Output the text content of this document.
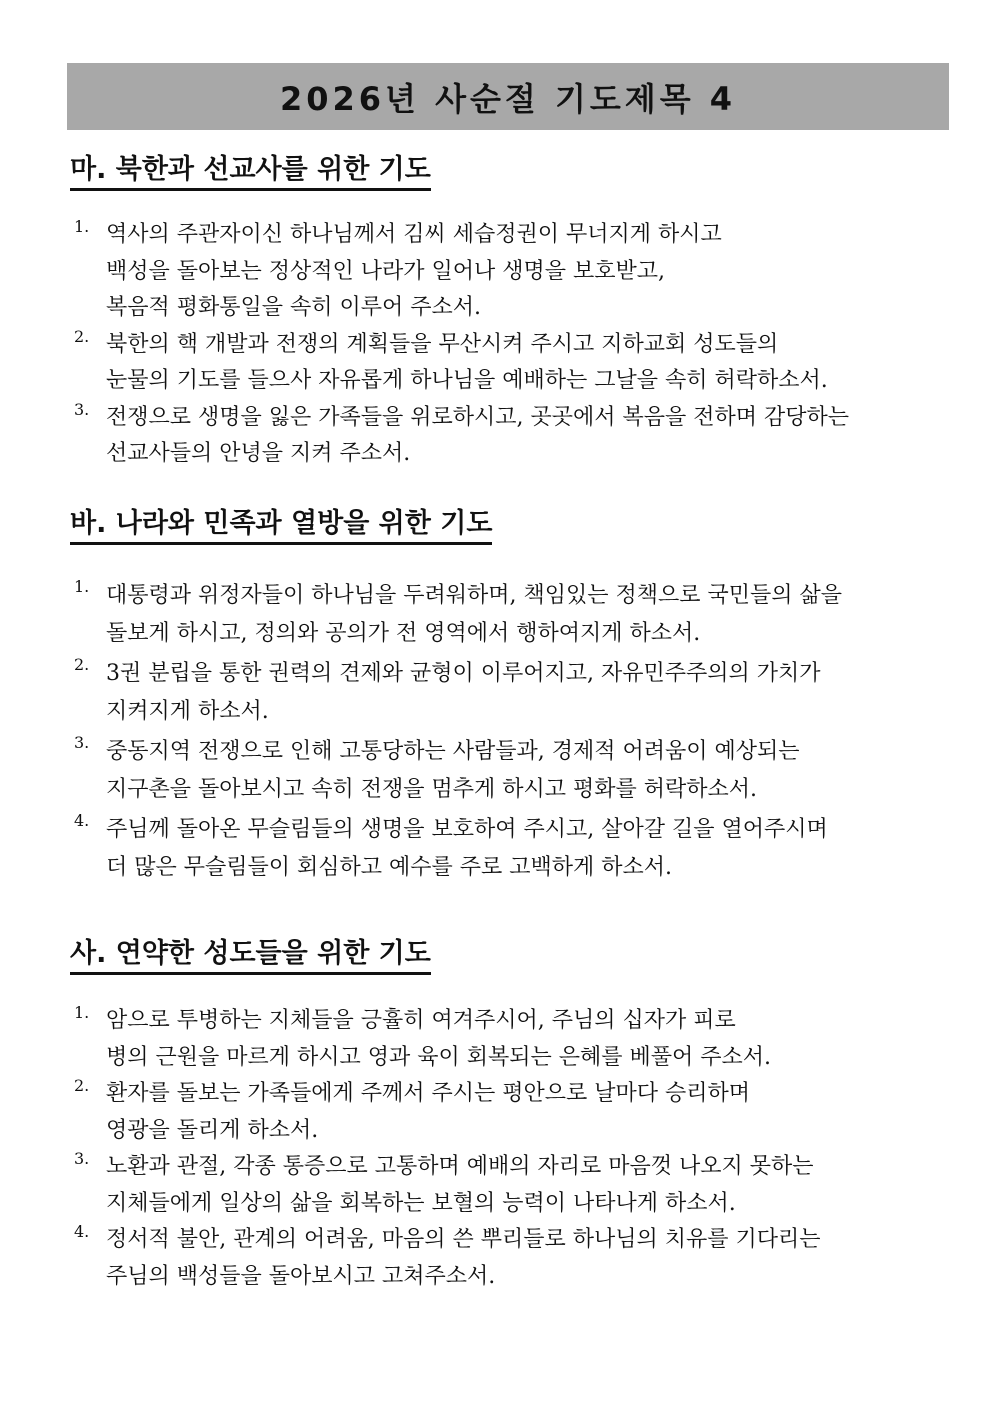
2026년 사순절 기도제목 4
마. 북한과 선교사를 위한 기도
1. 역사의 주관자이신 하나님께서 김씨 세습정권이 무너지게 하시고
백성을 돌아보는 정상적인 나라가 일어나 생명을 보호받고,
복음적 평화통일을 속히 이루어 주소서.
2. 북한의 핵 개발과 전쟁의 계획들을 무산시켜 주시고 지하교회 성도들의
눈물의 기도를 들으사 자유롭게 하나님을 예배하는 그날을 속히 허락하소서.
3. 전쟁으로 생명을 잃은 가족들을 위로하시고, 곳곳에서 복음을 전하며 감당하는
선교사들의 안녕을 지켜 주소서.
바. 나라와 민족과 열방을 위한 기도
1. 대통령과 위정자들이 하나님을 두려워하며, 책임있는 정책으로 국민들의 삶을
돌보게 하시고, 정의와 공의가 전 영역에서 행하여지게 하소서.
2. 3권 분립을 통한 권력의 견제와 균형이 이루어지고, 자유민주주의의 가치가
지켜지게 하소서.
3. 중동지역 전쟁으로 인해 고통당하는 사람들과, 경제적 어려움이 예상되는
지구촌을 돌아보시고 속히 전쟁을 멈추게 하시고 평화를 허락하소서.
4. 주님께 돌아온 무슬림들의 생명을 보호하여 주시고, 살아갈 길을 열어주시며
더 많은 무슬림들이 회심하고 예수를 주로 고백하게 하소서.
사. 연약한 성도들을 위한 기도
1. 암으로 투병하는 지체들을 긍휼히 여겨주시어, 주님의 십자가 피로
병의 근원을 마르게 하시고 영과 육이 회복되는 은혜를 베풀어 주소서.
2. 환자를 돌보는 가족들에게 주께서 주시는 평안으로 날마다 승리하며
영광을 돌리게 하소서.
3. 노환과 관절, 각종 통증으로 고통하며 예배의 자리로 마음껏 나오지 못하는
지체들에게 일상의 삶을 회복하는 보혈의 능력이 나타나게 하소서.
4. 정서적 불안, 관계의 어려움, 마음의 쓴 뿌리들로 하나님의 치유를 기다리는
주님의 백성들을 돌아보시고 고쳐주소서.
